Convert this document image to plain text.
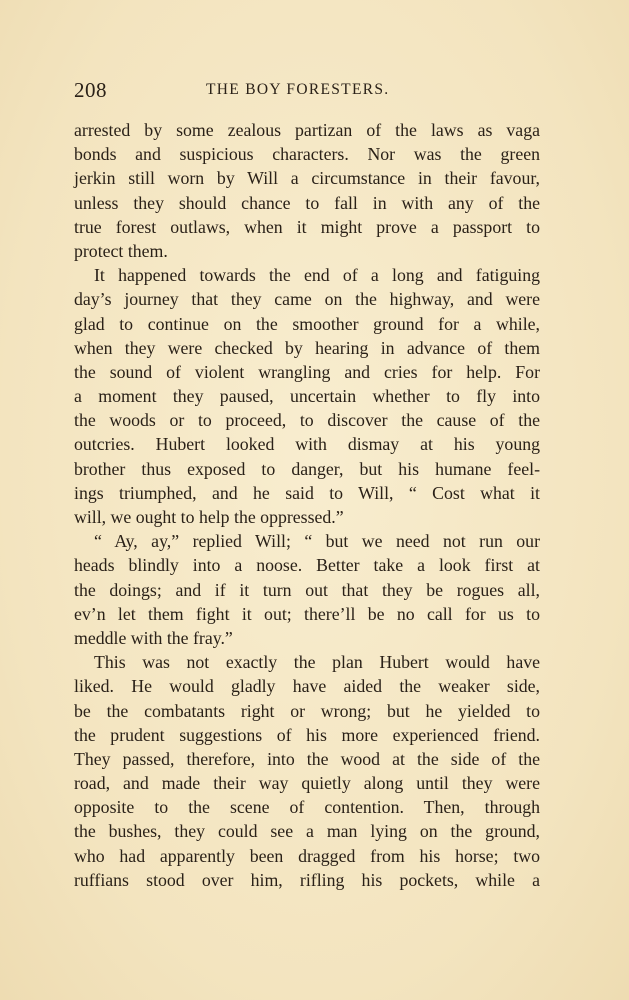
208	THE BOY FORESTERS.
arrested by some zealous partizan of the laws as vaga
bonds and suspicious characters. Nor was the green
jerkin still worn by Will a circumstance in their favour,
unless they should chance to fall in with any of the
true forest outlaws, when it might prove a passport to
protect them.
It happened towards the end of a long and fatiguing
day’s journey that they came on the highway, and were
glad to continue on the smoother ground for a while,
when they were checked by hearing in advance of them
the sound of violent wrangling and cries for help. For
a moment they paused, uncertain whether to fly into
the woods or to proceed, to discover the cause of the
outcries. Hubert looked with dismay at his young
brother thus exposed to danger, but his humane feel-
ings triumphed, and he said to Will, “ Cost what it
will, we ought to help the oppressed.”
“ Ay, ay,” replied Will; “ but we need not run our
heads blindly into a noose. Better take a look first at
the doings; and if it turn out that they be rogues all,
ev’n let them fight it out; there’ll be no call for us to
meddle with the fray.”
This was not exactly the plan Hubert would have
liked. He would gladly have aided the weaker side,
be the combatants right or wrong; but he yielded to
the prudent suggestions of his more experienced friend.
They passed, therefore, into the wood at the side of the
road, and made their way quietly along until they were
opposite to the scene of contention. Then, through
the bushes, they could see a man lying on the ground,
who had apparently been dragged from his horse; two
ruffians stood over him, rifling his pockets, while a
